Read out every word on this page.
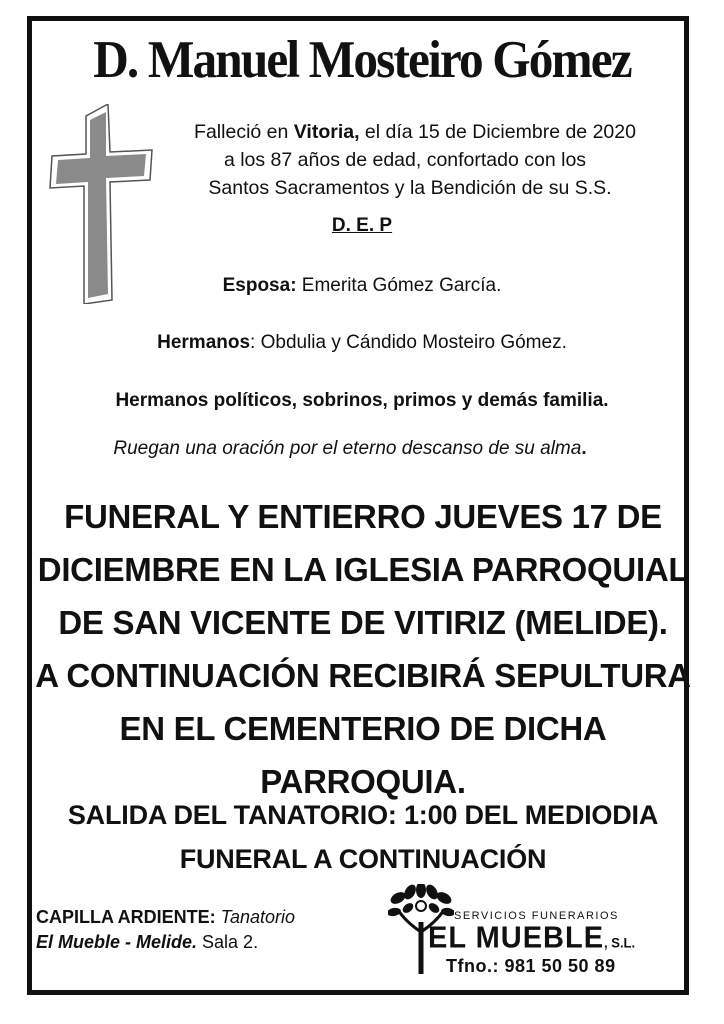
D. Manuel Mosteiro Gómez
Falleció en Vitoria, el día 15 de Diciembre de 2020
a los 87 años de edad, confortado con los
Santos Sacramentos y la Bendición de su S.S.
D. E. P
Esposa: Emerita Gómez García.
Hermanos: Obdulia y Cándido Mosteiro Gómez.
Hermanos políticos, sobrinos, primos y demás familia.
Ruegan una oración por el eterno descanso de su alma.
FUNERAL Y ENTIERRO JUEVES 17 DE
DICIEMBRE EN LA IGLESIA PARROQUIAL
DE SAN VICENTE DE VITIRIZ (MELIDE).
A CONTINUACIÓN RECIBIRÁ SEPULTURA
EN EL CEMENTERIO DE DICHA PARROQUIA.
SALIDA DEL TANATORIO: 1:00 DEL MEDIODIA
FUNERAL A CONTINUACIÓN
CAPILLA ARDIENTE: Tanatorio
El Mueble - Melide. Sala 2.
SERVICIOS FUNERARIOS
EL MUEBLE, S.L.
Tfno.: 981 50 50 89
